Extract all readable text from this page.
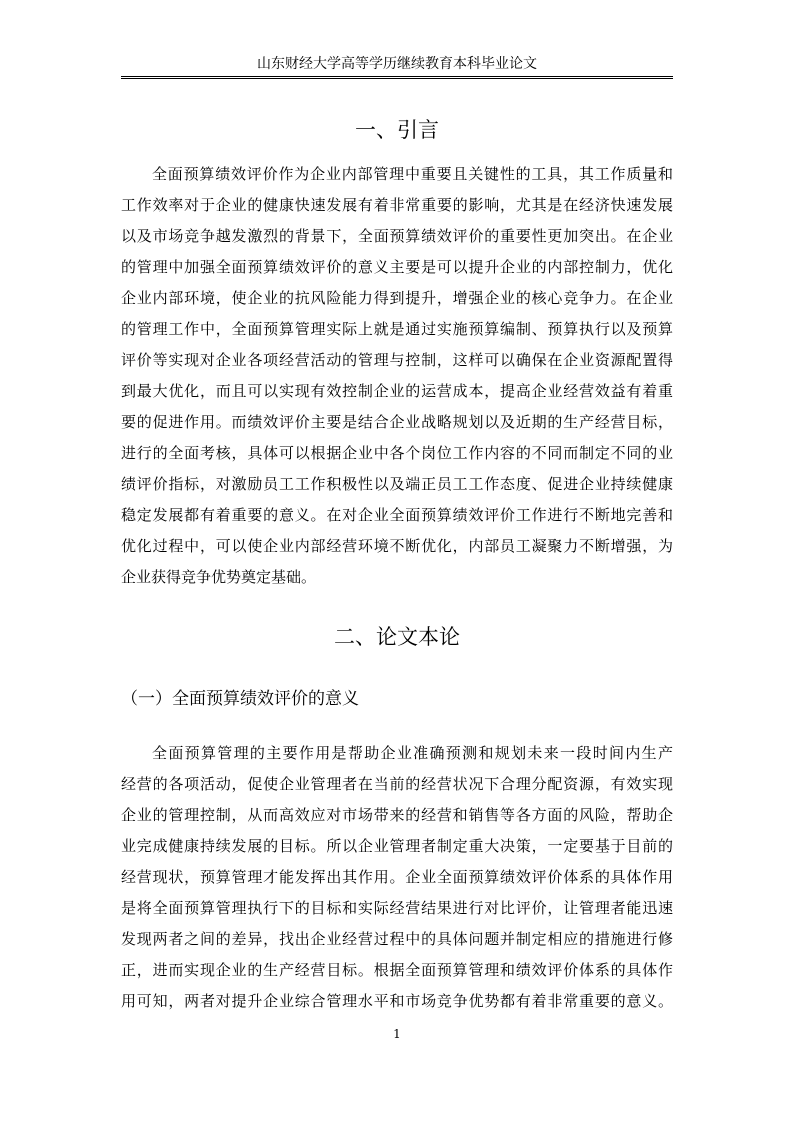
山东财经大学高等学历继续教育本科毕业论文
一、引言
全面预算绩效评价作为企业内部管理中重要且关键性的工具，其工作质量和
工作效率对于企业的健康快速发展有着非常重要的影响，尤其是在经济快速发展
以及市场竞争越发激烈的背景下，全面预算绩效评价的重要性更加突出。在企业
的管理中加强全面预算绩效评价的意义主要是可以提升企业的内部控制力，优化
企业内部环境，使企业的抗风险能力得到提升，增强企业的核心竞争力。在企业
的管理工作中，全面预算管理实际上就是通过实施预算编制、预算执行以及预算
评价等实现对企业各项经营活动的管理与控制，这样可以确保在企业资源配置得
到最大优化，而且可以实现有效控制企业的运营成本，提高企业经营效益有着重
要的促进作用。而绩效评价主要是结合企业战略规划以及近期的生产经营目标，
进行的全面考核，具体可以根据企业中各个岗位工作内容的不同而制定不同的业
绩评价指标，对激励员工工作积极性以及端正员工工作态度、促进企业持续健康
稳定发展都有着重要的意义。在对企业全面预算绩效评价工作进行不断地完善和
优化过程中，可以使企业内部经营环境不断优化，内部员工凝聚力不断增强，为
企业获得竞争优势奠定基础。
二、论文本论
（一）全面预算绩效评价的意义
全面预算管理的主要作用是帮助企业准确预测和规划未来一段时间内生产
经营的各项活动，促使企业管理者在当前的经营状况下合理分配资源，有效实现
企业的管理控制，从而高效应对市场带来的经营和销售等各方面的风险，帮助企
业完成健康持续发展的目标。所以企业管理者制定重大决策，一定要基于目前的
经营现状，预算管理才能发挥出其作用。企业全面预算绩效评价体系的具体作用
是将全面预算管理执行下的目标和实际经营结果进行对比评价，让管理者能迅速
发现两者之间的差异，找出企业经营过程中的具体问题并制定相应的措施进行修
正，进而实现企业的生产经营目标。根据全面预算管理和绩效评价体系的具体作
用可知，两者对提升企业综合管理水平和市场竞争优势都有着非常重要的意义。
1
